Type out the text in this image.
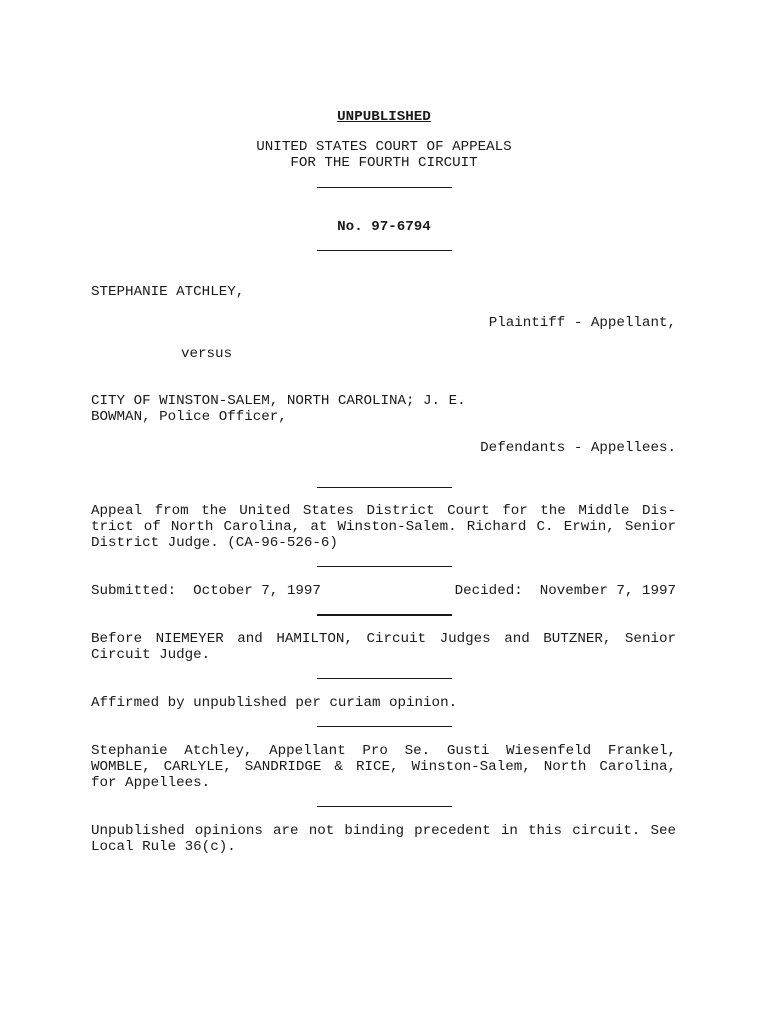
UNPUBLISHED
UNITED STATES COURT OF APPEALS
FOR THE FOURTH CIRCUIT
No. 97-6794
STEPHANIE ATCHLEY,
Plaintiff - Appellant,
versus
CITY OF WINSTON-SALEM, NORTH CAROLINA; J. E.
BOWMAN, Police Officer,
Defendants - Appellees.
Appeal from the United States District Court for the Middle Dis-trict of North Carolina, at Winston-Salem. Richard C. Erwin, Senior District Judge. (CA-96-526-6)
Submitted:  October 7, 1997	Decided:  November 7, 1997
Before NIEMEYER and HAMILTON, Circuit Judges and BUTZNER, Senior Circuit Judge.
Affirmed by unpublished per curiam opinion.
Stephanie Atchley, Appellant Pro Se. Gusti Wiesenfeld Frankel, WOMBLE, CARLYLE, SANDRIDGE & RICE, Winston-Salem, North Carolina, for Appellees.
Unpublished opinions are not binding precedent in this circuit. See Local Rule 36(c).
